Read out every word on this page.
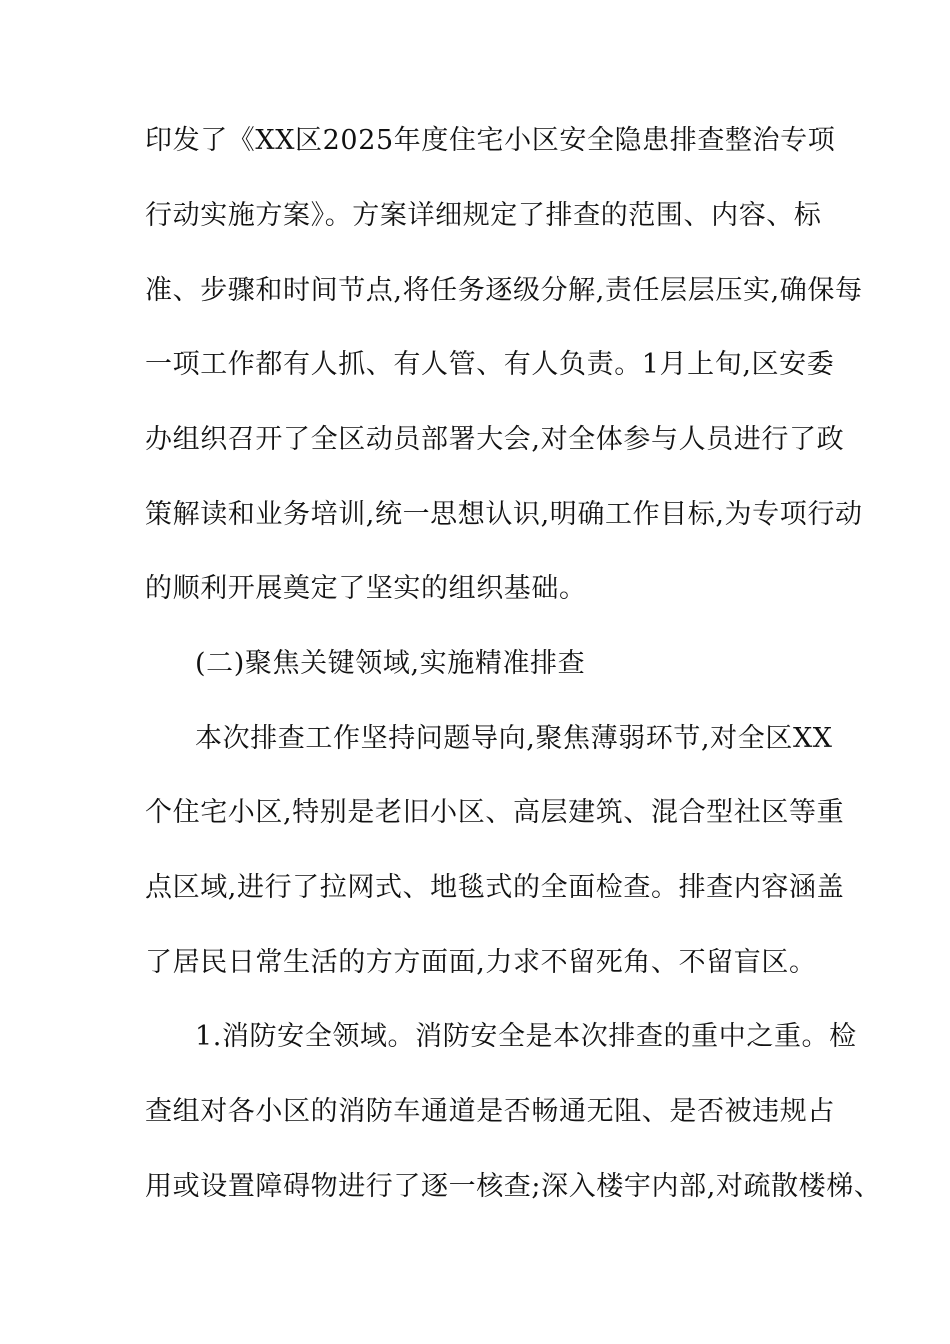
印发了《XX区2025年度住宅小区安全隐患排查整治专项
行动实施方案》。方案详细规定了排查的范围、内容、标
准、步骤和时间节点,将任务逐级分解,责任层层压实,确保每
一项工作都有人抓、有人管、有人负责。1月上旬,区安委
办组织召开了全区动员部署大会,对全体参与人员进行了政
策解读和业务培训,统一思想认识,明确工作目标,为专项行动
的顺利开展奠定了坚实的组织基础。
(二)聚焦关键领域,实施精准排查
本次排查工作坚持问题导向,聚焦薄弱环节,对全区XX
个住宅小区,特别是老旧小区、高层建筑、混合型社区等重
点区域,进行了拉网式、地毯式的全面检查。排查内容涵盖
了居民日常生活的方方面面,力求不留死角、不留盲区。
1.消防安全领域。消防安全是本次排查的重中之重。检
查组对各小区的消防车通道是否畅通无阻、是否被违规占
用或设置障碍物进行了逐一核查;深入楼宇内部,对疏散楼梯、
